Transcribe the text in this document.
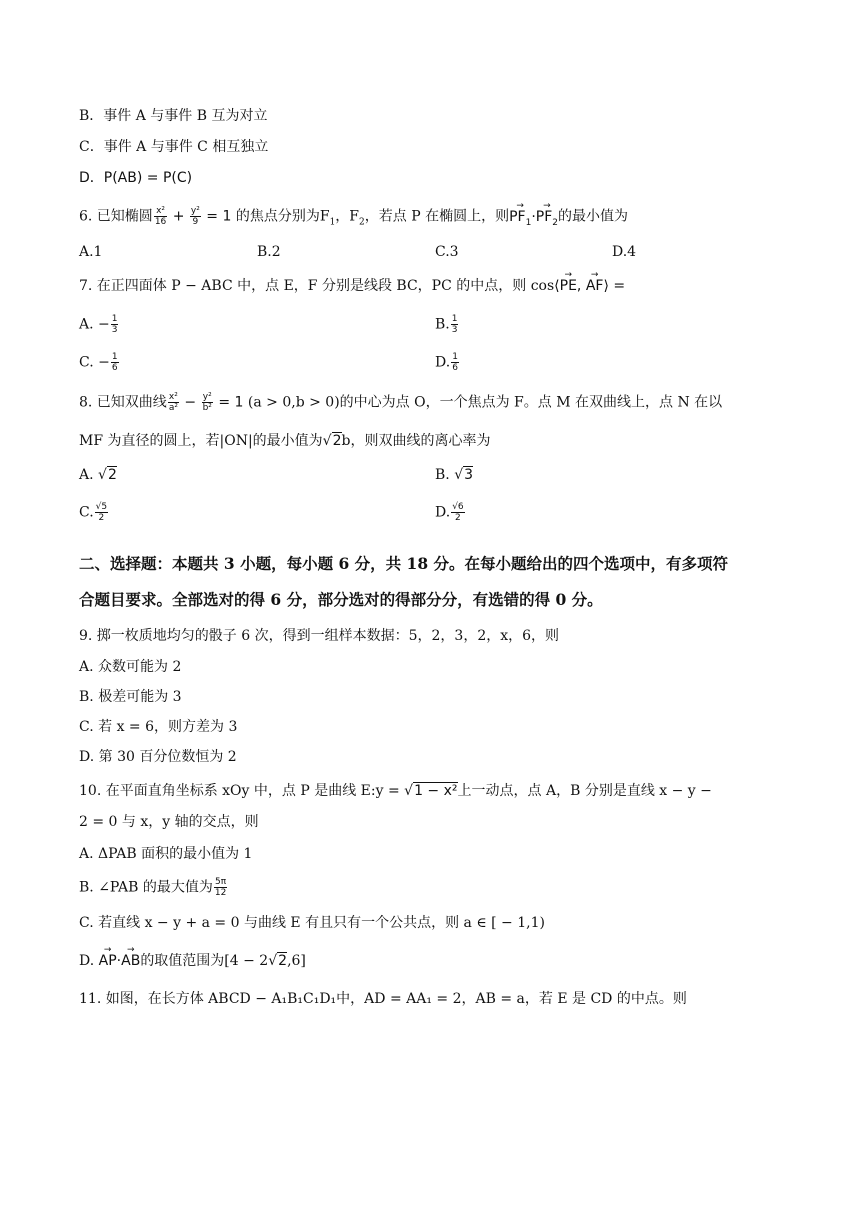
B．事件 A 与事件 B 互为对立
C．事件 A 与事件 C 相互独立
D．P(AB) = P(C)
6. 已知椭圆 $\frac{\text{x²}}{16} + \frac{\text{y²}}{9} = 1$ 的焦点分别为$F_1$，$F_2$，若点 P 在椭圆上，则→ $PF_1\cdot\to PF_2$的最小值为
A.1	B.2	C.3	D.4
7. 在正四面体 P − ABC 中，点 E，F 分别是线段 BC，PC 的中点，则 cos⟨→ PE, → AF⟩ =
A. − $\frac{1}{3}$	B. $\frac{1}{3}$
C. − $\frac{1}{6}$	D. $\frac{1}{6}$
8. 已知双曲线 $\frac{\text{x²}}{\text{a²}} - \frac{\text{y²}}{\text{b²}} = 1$ (a > 0,b > 0)的中心为点 O，一个焦点为 F。点 M 在双曲线上，点 N 在以
MF 为直径的圆上，若|ON|的最小值为√2b，则双曲线的离心率为
A. √2	B. √3
C. $\frac{√5}{2}$	D. $\frac{√6}{2}$
二、选择题：本题共 3 小题，每小题 6 分，共 18 分。在每小题给出的四个选项中，有多项符
合题目要求。全部选对的得 6 分，部分选对的得部分分，有选错的得 0 分。
9. 掷一枚质地均匀的骰子 6 次，得到一组样本数据：5，2，3，2，x，6，则
A. 众数可能为 2
B. 极差可能为 3
C. 若 x = 6，则方差为 3
D. 第 30 百分位数恒为 2
10. 在平面直角坐标系 xOy 中，点 P 是曲线 E:y = √1 − x²上一动点，点 A，B 分别是直线 x − y −
2 = 0 与 x，y 轴的交点，则
A. ΔPAB 面积的最小值为 1
B. ∠PAB 的最大值为 $\frac{5\pi}{12}$
C. 若直线 x − y + a = 0 与曲线 E 有且只有一个公共点，则 a ∈ [ − 1,1)
D. → AP·→ AB的取值范围为[4 − 2√2,6]
11. 如图，在长方体 ABCD − A₁B₁C₁D₁中，AD = AA₁ = 2，AB = a，若 E 是 CD 的中点。则
